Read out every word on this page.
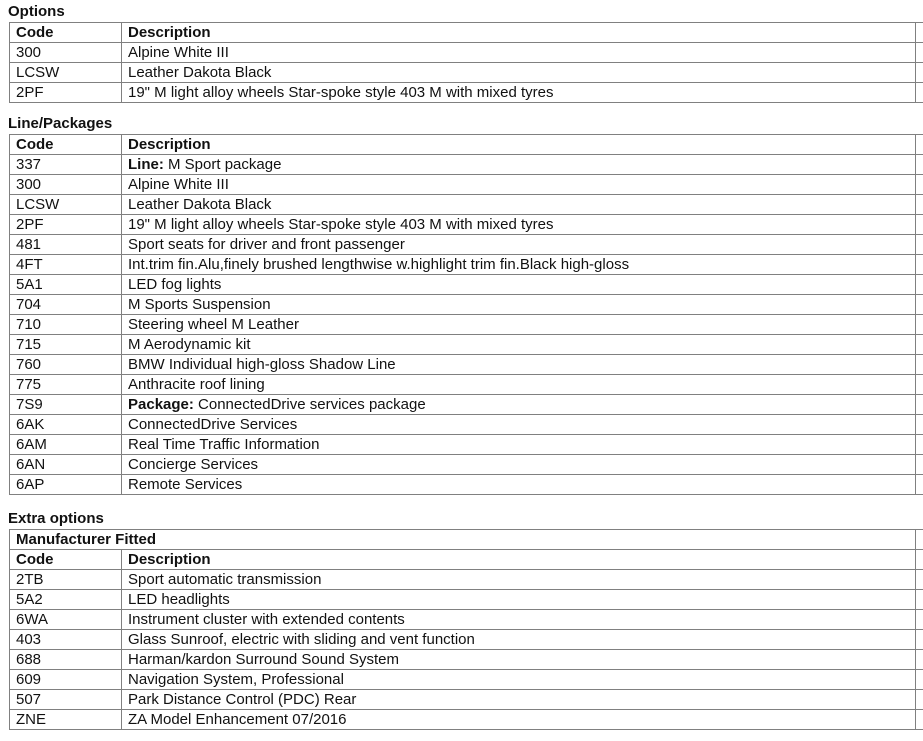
Options
Code	Description	
300	Alpine White III	
LCSW	Leather Dakota Black	
2PF	19" M light alloy wheels Star-spoke style 403 M with mixed tyres	
Line/Packages
Code	Description	
337	Line: M Sport package	
300	Alpine White III	
LCSW	Leather Dakota Black	
2PF	19" M light alloy wheels Star-spoke style 403 M with mixed tyres	
481	Sport seats for driver and front passenger	
4FT	Int.trim fin.Alu,finely brushed lengthwise w.highlight trim fin.Black high-gloss	
5A1	LED fog lights	
704	M Sports Suspension	
710	Steering wheel M Leather	
715	M Aerodynamic kit	
760	BMW Individual high-gloss Shadow Line	
775	Anthracite roof lining	
7S9	Package: ConnectedDrive services package	
6AK	ConnectedDrive Services	
6AM	Real Time Traffic Information	
6AN	Concierge Services	
6AP	Remote Services	
Extra options
Manufacturer Fitted		
Code	Description	
2TB	Sport automatic transmission	
5A2	LED headlights	
6WA	Instrument cluster with extended contents	
403	Glass Sunroof, electric with sliding and vent function	
688	Harman/kardon Surround Sound System	
609	Navigation System, Professional	
507	Park Distance Control (PDC) Rear	
ZNE	ZA Model Enhancement 07/2016	
